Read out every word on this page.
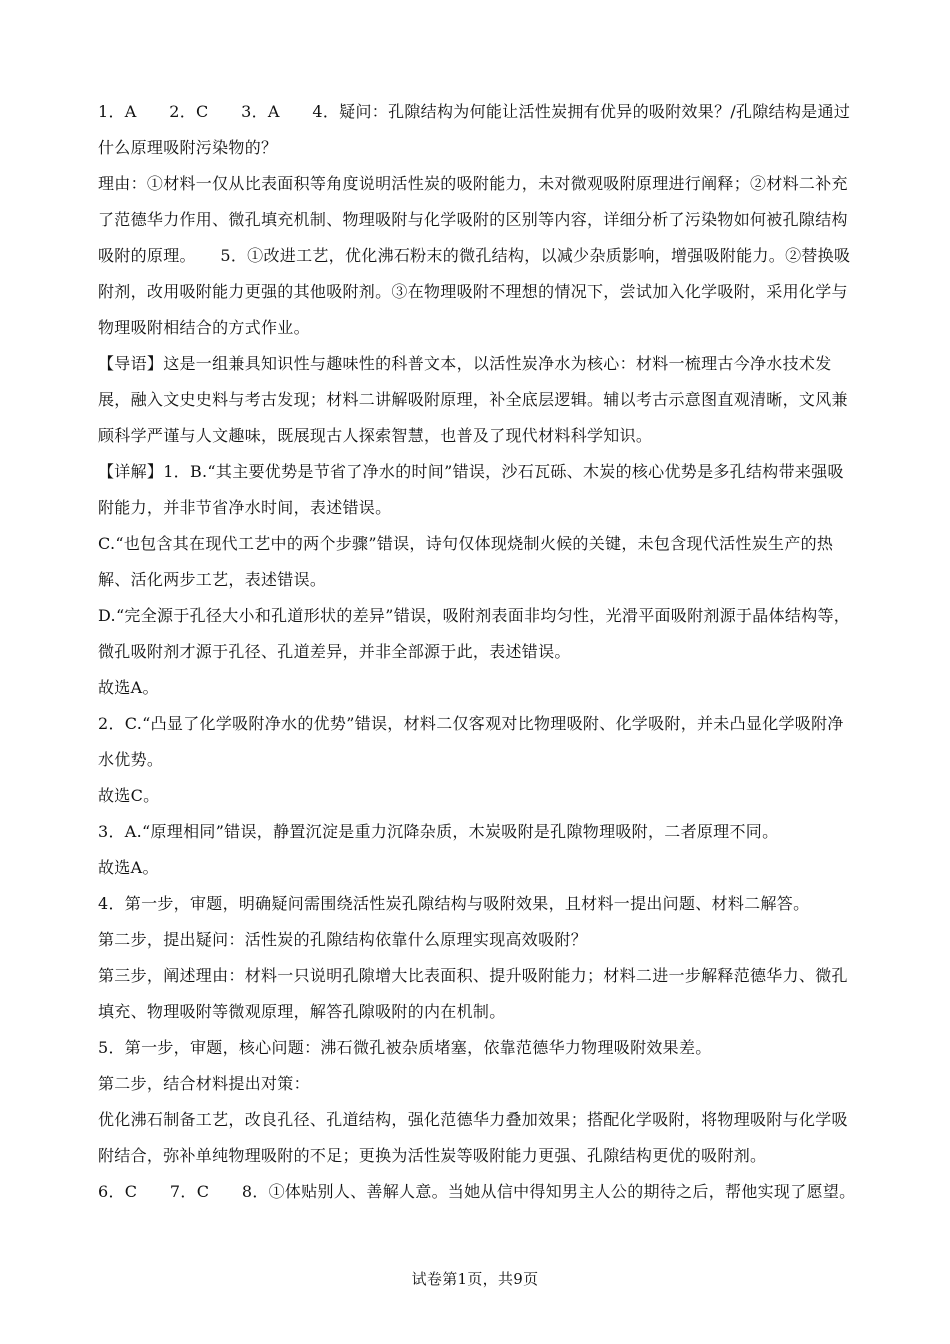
1．A　　2．C　　3．A　　4．疑问：孔隙结构为何能让活性炭拥有优异的吸附效果？/孔隙结构是通过什么原理吸附污染物的？

理由：①材料一仅从比表面积等角度说明活性炭的吸附能力，未对微观吸附原理进行阐释；②材料二补充了范德华力作用、微孔填充机制、物理吸附与化学吸附的区别等内容，详细分析了污染物如何被孔隙结构吸附的原理。　　5．①改进工艺，优化沸石粉末的微孔结构，以减少杂质影响，增强吸附能力。②替换吸附剂，改用吸附能力更强的其他吸附剂。③在物理吸附不理想的情况下，尝试加入化学吸附，采用化学与物理吸附相结合的方式作业。

【导语】这是一组兼具知识性与趣味性的科普文本，以活性炭净水为核心：材料一梳理古今净水技术发展，融入文史史料与考古发现；材料二讲解吸附原理，补全底层逻辑。辅以考古示意图直观清晰，文风兼顾科学严谨与人文趣味，既展现古人探索智慧，也普及了现代材料科学知识。

【详解】1．B.“其主要优势是节省了净水的时间”错误，沙石瓦砾、木炭的核心优势是多孔结构带来强吸附能力，并非节省净水时间，表述错误。

C.“也包含其在现代工艺中的两个步骤”错误，诗句仅体现烧制火候的关键，未包含现代活性炭生产的热解、活化两步工艺，表述错误。

D.“完全源于孔径大小和孔道形状的差异”错误，吸附剂表面非均匀性，光滑平面吸附剂源于晶体结构等，微孔吸附剂才源于孔径、孔道差异，并非全部源于此，表述错误。

故选A。

2．C.“凸显了化学吸附净水的优势”错误，材料二仅客观对比物理吸附、化学吸附，并未凸显化学吸附净水优势。

故选C。

3．A.“原理相同”错误，静置沉淀是重力沉降杂质，木炭吸附是孔隙物理吸附，二者原理不同。

故选A。

4．第一步，审题，明确疑问需围绕活性炭孔隙结构与吸附效果，且材料一提出问题、材料二解答。

第二步，提出疑问：活性炭的孔隙结构依靠什么原理实现高效吸附？

第三步，阐述理由：材料一只说明孔隙增大比表面积、提升吸附能力；材料二进一步解释范德华力、微孔填充、物理吸附等微观原理，解答孔隙吸附的内在机制。

5．第一步，审题，核心问题：沸石微孔被杂质堵塞，依靠范德华力物理吸附效果差。

第二步，结合材料提出对策：

优化沸石制备工艺，改良孔径、孔道结构，强化范德华力叠加效果；搭配化学吸附，将物理吸附与化学吸附结合，弥补单纯物理吸附的不足；更换为活性炭等吸附能力更强、孔隙结构更优的吸附剂。

6．C　　7．C　　8．①体贴别人、善解人意。当她从信中得知男主人公的期待之后，帮他实现了愿望。

试卷第1页，共9页
